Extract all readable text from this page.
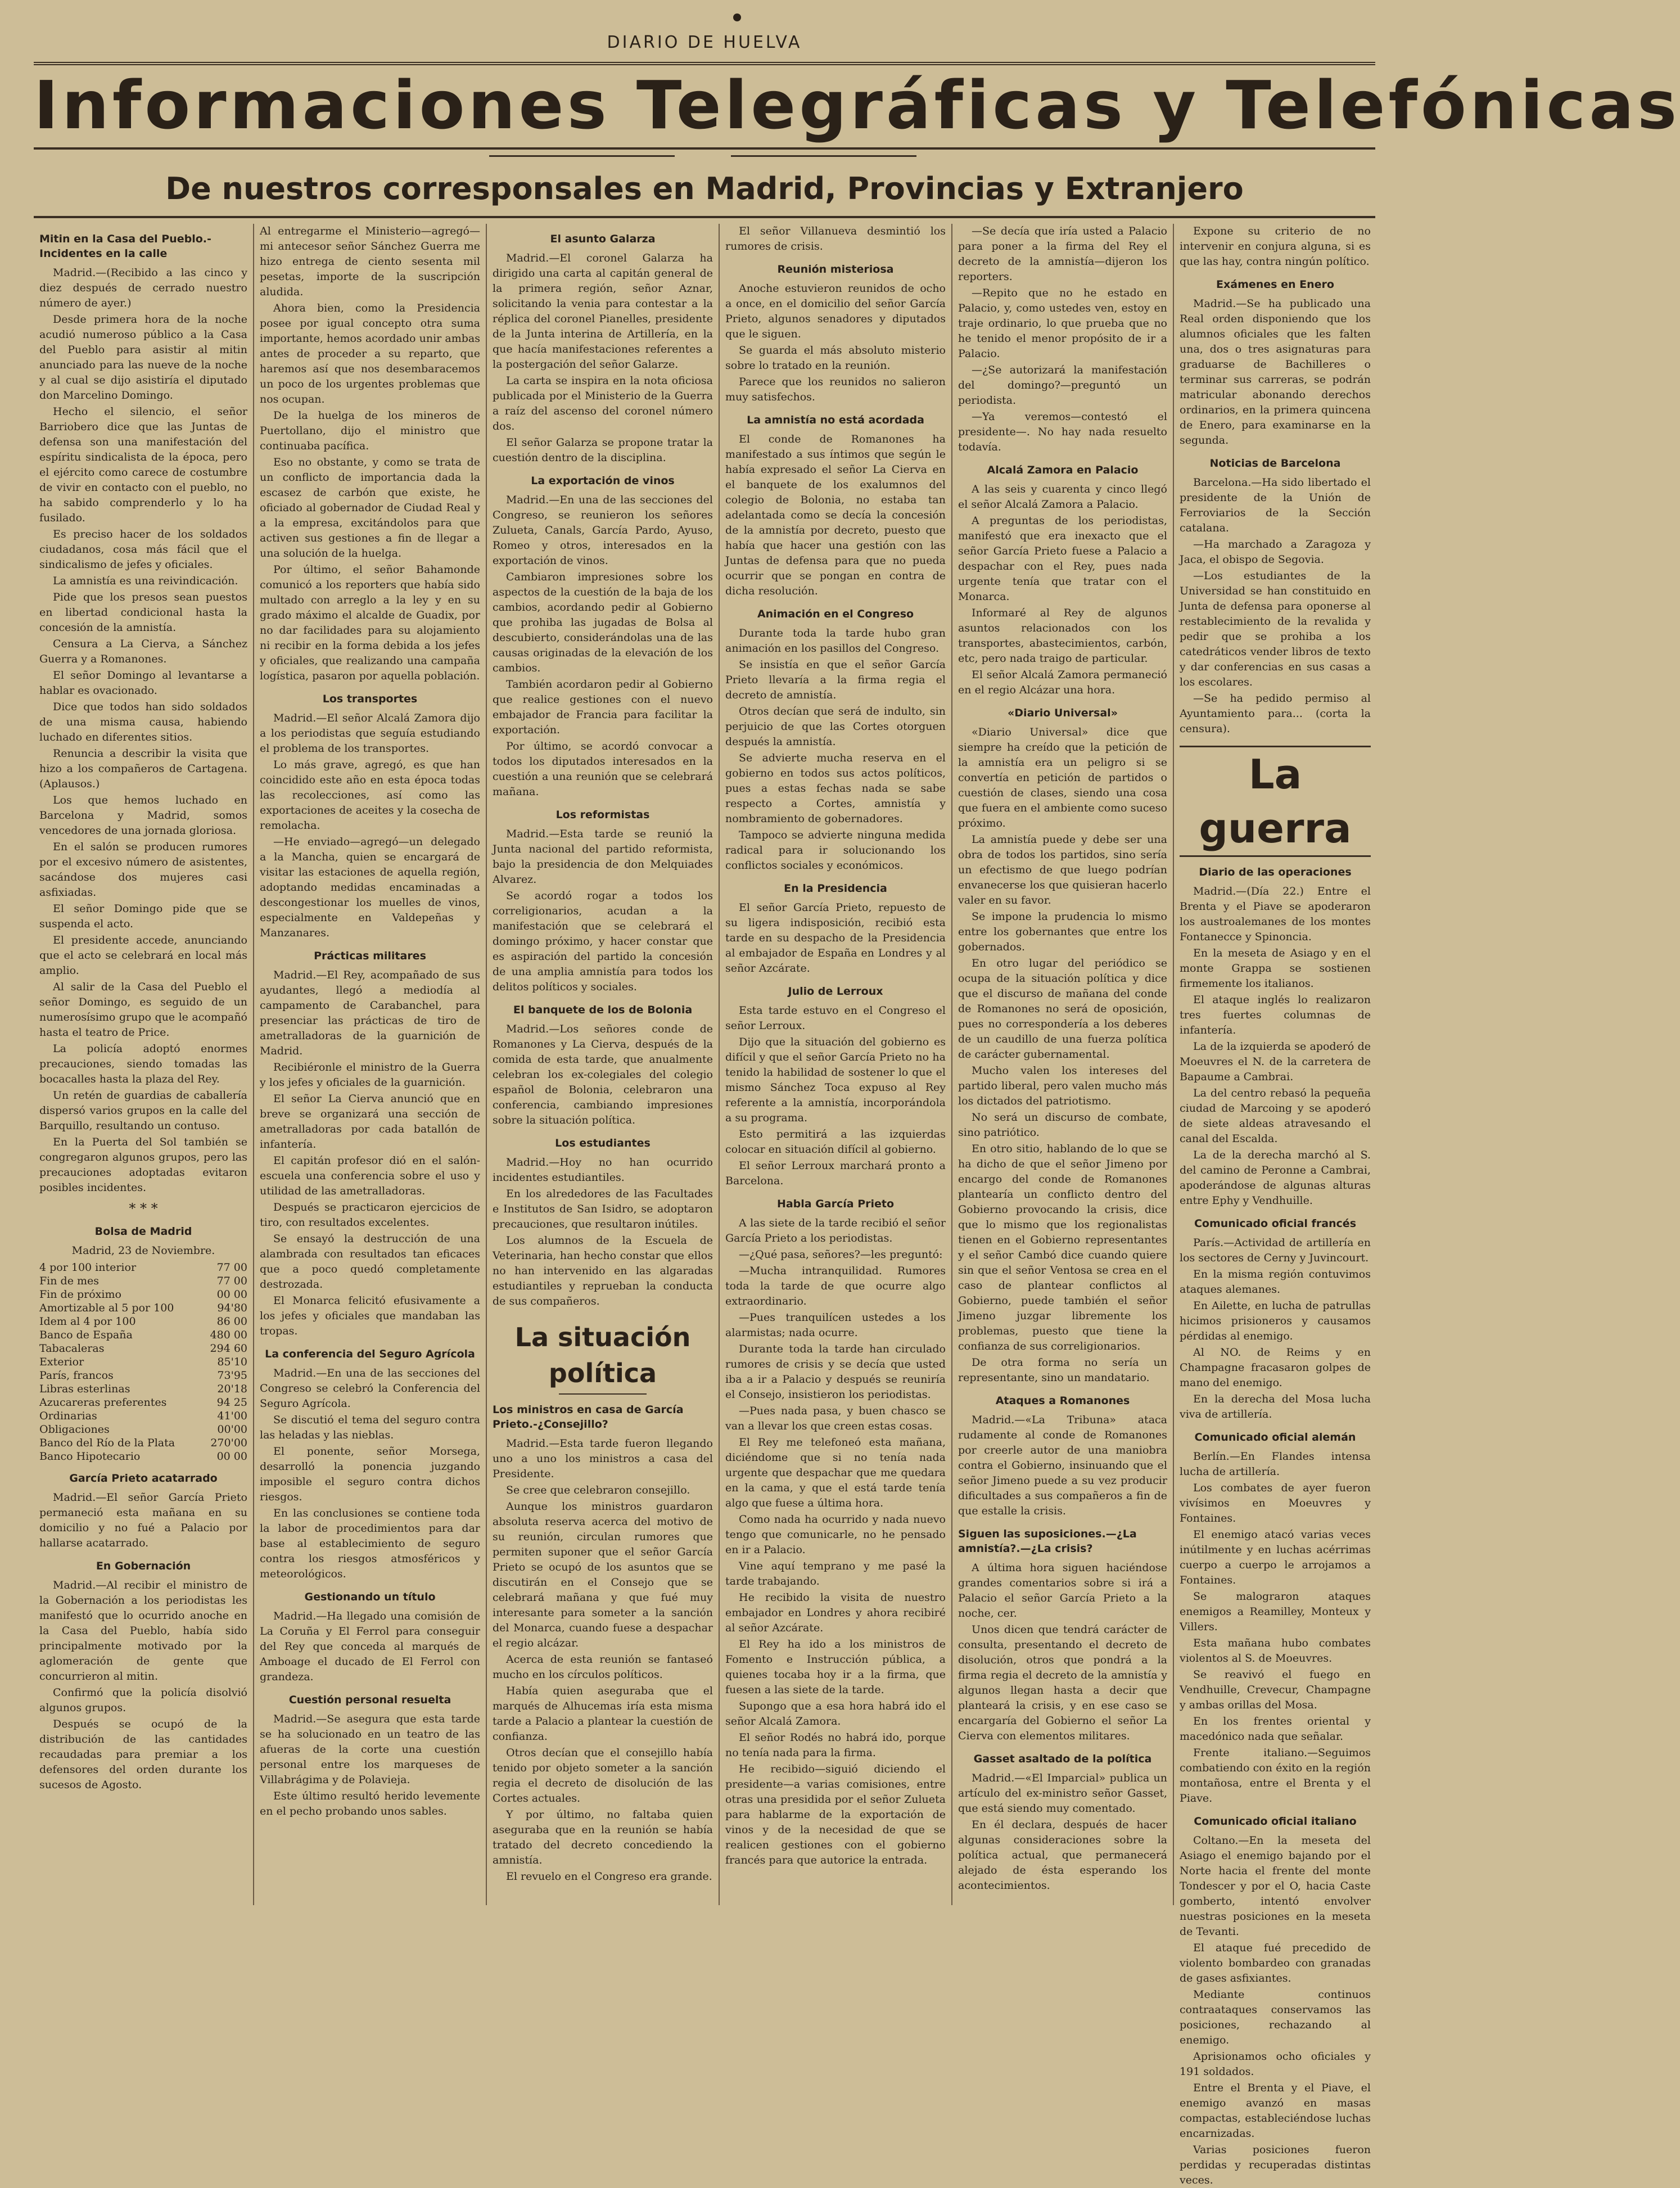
DIARIO DE HUELVA
Informaciones Telegráficas y Telefónicas
De nuestros corresponsales en Madrid, Provincias y Extranjero
Mitin en la Casa del Pueblo.-Incidentes en la calle

Madrid.—(Recibido a las cinco y diez después de cerrado nuestro número de ayer.)

Desde primera hora de la noche acudió numeroso público a la Casa del Pueblo para asistir al mitin anunciado para las nueve de la noche y al cual se dijo asistiría el diputado don Marcelino Domingo.

Hecho el silencio, el señor Barriobero dice que las Juntas de defensa son una manifestación del espíritu sindicalista de la época, pero el ejército como carece de costumbre de vivir en contacto con el pueblo, no ha sabido comprenderlo y lo ha fusilado.

Es preciso hacer de los soldados ciudadanos, cosa más fácil que el sindicalismo de jefes y oficiales.

La amnistía es una reivindicación.

Pide que los presos sean puestos en libertad condicional hasta la concesión de la amnistía.

Censura a La Cierva, a Sánchez Guerra y a Romanones.

El señor Domingo al levantarse a hablar es ovacionado.

Dice que todos han sido soldados de una misma causa, habiendo luchado en diferentes sitios.

Renuncia a describir la visita que hizo a los compañeros de Cartagena. (Aplausos.)

Los que hemos luchado en Barcelona y Madrid, somos vencedores de una jornada gloriosa.

En el salón se producen rumores por el excesivo número de asistentes, sacándose dos mujeres casi asfixiadas.

El señor Domingo pide que se suspenda el acto.

El presidente accede, anunciando que el acto se celebrará en local más amplio.

Al salir de la Casa del Pueblo el señor Domingo, es seguido de un numerosísimo grupo que le acompañó hasta el teatro de Price.

La policía adoptó enormes precauciones, siendo tomadas las bocacalles hasta la plaza del Rey.

Un retén de guardias de caballería dispersó varios grupos en la calle del Barquillo, resultando un contuso.

En la Puerta del Sol también se congregaron algunos grupos, pero las precauciones adoptadas evitaron posibles incidentes.

* * *
Bolsa de Madrid

Madrid, 23 de Noviembre.

4 por 100 interior	77 00
Fin de mes	77 00
Fin de próximo	00 00
Amortizable al 5 por 100	94'80
Idem al 4 por 100	86 00
Banco de España	480 00
Tabacaleras	294 60
Exterior	85'10
París, francos	73'95
Libras esterlinas	20'18
Azucareras preferentes	94 25
Ordinarias	41'00
Obligaciones	00'00
Banco del Río de la Plata	270'00
Banco Hipotecario	00 00
García Prieto acatarrado

Madrid.—El señor García Prieto permaneció esta mañana en su domicilio y no fué a Palacio por hallarse acatarrado.

En Gobernación

Madrid.—Al recibir el ministro de la Gobernación a los periodistas les manifestó que lo ocurrido anoche en la Casa del Pueblo, había sido principalmente motivado por la aglomeración de gente que concurrieron al mitin.

Confirmó que la policía disolvió algunos grupos.

Después se ocupó de la distribución de las cantidades recaudadas para premiar a los defensores del orden durante los sucesos de Agosto.

Al entregarme el Ministerio—agregó—mi antecesor señor Sánchez Guerra me hizo entrega de ciento sesenta mil pesetas, importe de la suscripción aludida.

Ahora bien, como la Presidencia posee por igual concepto otra suma importante, hemos acordado unir ambas antes de proceder a su reparto, que haremos así que nos desembaracemos un poco de los urgentes problemas que nos ocupan.

De la huelga de los mineros de Puertollano, dijo el ministro que continuaba pacífica.

Eso no obstante, y como se trata de un conflicto de importancia dada la escasez de carbón que existe, he oficiado al gobernador de Ciudad Real y a la empresa, excitándolos para que activen sus gestiones a fin de llegar a una solución de la huelga.

Por último, el señor Bahamonde comunicó a los reporters que había sido multado con arreglo a la ley y en su grado máximo el alcalde de Guadix, por no dar facilidades para su alojamiento ni recibir en la forma debida a los jefes y oficiales, que realizando una campaña logística, pasaron por aquella población.

Los transportes

Madrid.—El señor Alcalá Zamora dijo a los periodistas que seguía estudiando el problema de los transportes.

Lo más grave, agregó, es que han coincidido este año en esta época todas las recolecciones, así como las exportaciones de aceites y la cosecha de remolacha.

—He enviado—agregó—un delegado a la Mancha, quien se encargará de visitar las estaciones de aquella región, adoptando medidas encaminadas a descongestionar los muelles de vinos, especialmente en Valdepeñas y Manzanares.

Prácticas militares

Madrid.—El Rey, acompañado de sus ayudantes, llegó a mediodía al campamento de Carabanchel, para presenciar las prácticas de tiro de ametralladoras de la guarnición de Madrid.

Recibiéronle el ministro de la Guerra y los jefes y oficiales de la guarnición.

El señor La Cierva anunció que en breve se organizará una sección de ametralladoras por cada batallón de infantería.

El capitán profesor dió en el salón-escuela una conferencia sobre el uso y utilidad de las ametralladoras.

Después se practicaron ejercicios de tiro, con resultados excelentes.

Se ensayó la destrucción de una alambrada con resultados tan eficaces que a poco quedó completamente destrozada.

El Monarca felicitó efusivamente a los jefes y oficiales que mandaban las tropas.

La conferencia del Seguro Agrícola

Madrid.—En una de las secciones del Congreso se celebró la Conferencia del Seguro Agrícola.

Se discutió el tema del seguro contra las heladas y las nieblas.

El ponente, señor Morsega, desarrolló la ponencia juzgando imposible el seguro contra dichos riesgos.

En las conclusiones se contiene toda la labor de procedimientos para dar base al establecimiento de seguro contra los riesgos atmosféricos y meteorológicos.

Gestionando un título

Madrid.—Ha llegado una comisión de La Coruña y El Ferrol para conseguir del Rey que conceda al marqués de Amboage el ducado de El Ferrol con grandeza.

Cuestión personal resuelta

Madrid.—Se asegura que esta tarde se ha solucionado en un teatro de las afueras de la corte una cuestión personal entre los marqueses de Villabrágima y de Polavieja.

Este último resultó herido levemente en el pecho probando unos sables.

El asunto Galarza

Madrid.—El coronel Galarza ha dirigido una carta al capitán general de la primera región, señor Aznar, solicitando la venia para contestar a la réplica del coronel Pianelles, presidente de la Junta interina de Artillería, en la que hacía manifestaciones referentes a la postergación del señor Galarze.

La carta se inspira en la nota oficiosa publicada por el Ministerio de la Guerra a raíz del ascenso del coronel número dos.

El señor Galarza se propone tratar la cuestión dentro de la disciplina.

La exportación de vinos

Madrid.—En una de las secciones del Congreso, se reunieron los señores Zulueta, Canals, García Pardo, Ayuso, Romeo y otros, interesados en la exportación de vinos.

Cambiaron impresiones sobre los aspectos de la cuestión de la baja de los cambios, acordando pedir al Gobierno que prohiba las jugadas de Bolsa al descubierto, considerándolas una de las causas originadas de la elevación de los cambios.

También acordaron pedir al Gobierno que realice gestiones con el nuevo embajador de Francia para facilitar la exportación.

Por último, se acordó convocar a todos los diputados interesados en la cuestión a una reunión que se celebrará mañana.

Los reformistas

Madrid.—Esta tarde se reunió la Junta nacional del partido reformista, bajo la presidencia de don Melquiades Alvarez.

Se acordó rogar a todos los correligionarios, acudan a la manifestación que se celebrará el domingo próximo, y hacer constar que es aspiración del partido la concesión de una amplia amnistía para todos los delitos políticos y sociales.

El banquete de los de Bolonia

Madrid.—Los señores conde de Romanones y La Cierva, después de la comida de esta tarde, que anualmente celebran los ex-colegiales del colegio español de Bolonia, celebraron una conferencia, cambiando impresiones sobre la situación política.

Los estudiantes

Madrid.—Hoy no han ocurrido incidentes estudiantiles.

En los alrededores de las Facultades e Institutos de San Isidro, se adoptaron precauciones, que resultaron inútiles.

Los alumnos de la Escuela de Veterinaria, han hecho constar que ellos no han intervenido en las algaradas estudiantiles y reprueban la conducta de sus compañeros.

La situación política
Los ministros en casa de García Prieto.-¿Consejillo?

Madrid.—Esta tarde fueron llegando uno a uno los ministros a casa del Presidente.

Se cree que celebraron consejillo.

Aunque los ministros guardaron absoluta reserva acerca del motivo de su reunión, circulan rumores que permiten suponer que el señor García Prieto se ocupó de los asuntos que se discutirán en el Consejo que se celebrará mañana y que fué muy interesante para someter a la sanción del Monarca, cuando fuese a despachar el regio alcázar.

Acerca de esta reunión se fantaseó mucho en los círculos políticos.

Había quien aseguraba que el marqués de Alhucemas iría esta misma tarde a Palacio a plantear la cuestión de confianza.

Otros decían que el consejillo había tenido por objeto someter a la sanción regia el decreto de disolución de las Cortes actuales.

Y por último, no faltaba quien aseguraba que en la reunión se había tratado del decreto concediendo la amnistía.

El revuelo en el Congreso era grande.

El señor Villanueva desmintió los rumores de crisis.

Reunión misteriosa

Anoche estuvieron reunidos de ocho a once, en el domicilio del señor García Prieto, algunos senadores y diputados que le siguen.

Se guarda el más absoluto misterio sobre lo tratado en la reunión.

Parece que los reunidos no salieron muy satisfechos.

La amnistía no está acordada

El conde de Romanones ha manifestado a sus íntimos que según le había expresado el señor La Cierva en el banquete de los exalumnos del colegio de Bolonia, no estaba tan adelantada como se decía la concesión de la amnistía por decreto, puesto que había que hacer una gestión con las Juntas de defensa para que no pueda ocurrir que se pongan en contra de dicha resolución.

Animación en el Congreso

Durante toda la tarde hubo gran animación en los pasillos del Congreso.

Se insistía en que el señor García Prieto llevaría a la firma regia el decreto de amnistía.

Otros decían que será de indulto, sin perjuicio de que las Cortes otorguen después la amnistía.

Se advierte mucha reserva en el gobierno en todos sus actos políticos, pues a estas fechas nada se sabe respecto a Cortes, amnistía y nombramiento de gobernadores.

Tampoco se advierte ninguna medida radical para ir solucionando los conflictos sociales y económicos.

En la Presidencia

El señor García Prieto, repuesto de su ligera indisposición, recibió esta tarde en su despacho de la Presidencia al embajador de España en Londres y al señor Azcárate.

Julio de Lerroux

Esta tarde estuvo en el Congreso el señor Lerroux.

Dijo que la situación del gobierno es difícil y que el señor García Prieto no ha tenido la habilidad de sostener lo que el mismo Sánchez Toca expuso al Rey referente a la amnistía, incorporándola a su programa.

Esto permitirá a las izquierdas colocar en situación difícil al gobierno.

El señor Lerroux marchará pronto a Barcelona.

Habla García Prieto

A las siete de la tarde recibió el señor García Prieto a los periodistas.

—¿Qué pasa, señores?—les preguntó:

—Mucha intranquilidad. Rumores toda la tarde de que ocurre algo extraordinario.

—Pues tranquilícen ustedes a los alarmistas; nada ocurre.

Durante toda la tarde han circulado rumores de crisis y se decía que usted iba a ir a Palacio y después se reuniría el Consejo, insistieron los periodistas.

—Pues nada pasa, y buen chasco se van a llevar los que creen estas cosas.

El Rey me telefoneó esta mañana, diciéndome que si no tenía nada urgente que despachar que me quedara en la cama, y que el está tarde tenía algo que fuese a última hora.

Como nada ha ocurrido y nada nuevo tengo que comunicarle, no he pensado en ir a Palacio.

Vine aquí temprano y me pasé la tarde trabajando.

He recibido la visita de nuestro embajador en Londres y ahora recibiré al señor Azcárate.

El Rey ha ido a los ministros de Fomento e Instrucción pública, a quienes tocaba hoy ir a la firma, que fuesen a las siete de la tarde.

Supongo que a esa hora habrá ido el señor Alcalá Zamora.

El señor Rodés no habrá ido, porque no tenía nada para la firma.

He recibido—siguió diciendo el presidente—a varias comisiones, entre otras una presidida por el señor Zulueta para hablarme de la exportación de vinos y de la necesidad de que se realicen gestiones con el gobierno francés para que autorice la entrada.

—Se decía que iría usted a Palacio para poner a la firma del Rey el decreto de la amnistía—dijeron los reporters.

—Repito que no he estado en Palacio, y, como ustedes ven, estoy en traje ordinario, lo que prueba que no he tenido el menor propósito de ir a Palacio.

—¿Se autorizará la manifestación del domingo?—preguntó un periodista.

—Ya veremos—contestó el presidente—. No hay nada resuelto todavía.

Alcalá Zamora en Palacio

A las seis y cuarenta y cinco llegó el señor Alcalá Zamora a Palacio.

A preguntas de los periodistas, manifestó que era inexacto que el señor García Prieto fuese a Palacio a despachar con el Rey, pues nada urgente tenía que tratar con el Monarca.

Informaré al Rey de algunos asuntos relacionados con los transportes, abastecimientos, carbón, etc, pero nada traigo de particular.

El señor Alcalá Zamora permaneció en el regio Alcázar una hora.

«Diario Universal»

«Diario Universal» dice que siempre ha creído que la petición de la amnistía era un peligro si se convertía en petición de partidos o cuestión de clases, siendo una cosa que fuera en el ambiente como suceso próximo.

La amnistía puede y debe ser una obra de todos los partidos, sino sería un efectismo de que luego podrían envanecerse los que quisieran hacerlo valer en su favor.

Se impone la prudencia lo mismo entre los gobernantes que entre los gobernados.

En otro lugar del periódico se ocupa de la situación política y dice que el discurso de mañana del conde de Romanones no será de oposición, pues no correspondería a los deberes de un caudillo de una fuerza política de carácter gubernamental.

Mucho valen los intereses del partido liberal, pero valen mucho más los dictados del patriotismo.

No será un discurso de combate, sino patriótico.

En otro sitio, hablando de lo que se ha dicho de que el señor Jimeno por encargo del conde de Romanones plantearía un conflicto dentro del Gobierno provocando la crisis, dice que lo mismo que los regionalistas tienen en el Gobierno representantes y el señor Cambó dice cuando quiere sin que el señor Ventosa se crea en el caso de plantear conflictos al Gobierno, puede también el señor Jimeno juzgar libremente los problemas, puesto que tiene la confianza de sus correligionarios.

De otra forma no sería un representante, sino un mandatario.

Ataques a Romanones

Madrid.—«La Tribuna» ataca rudamente al conde de Romanones por creerle autor de una maniobra contra el Gobierno, insinuando que el señor Jimeno puede a su vez producir dificultades a sus compañeros a fin de que estalle la crisis.

Siguen las suposiciones.—¿La amnistía?.—¿La crisis?

A última hora siguen haciéndose grandes comentarios sobre si irá a Palacio el señor García Prieto a la noche, cer.

Unos dicen que tendrá carácter de consulta, presentando el decreto de disolución, otros que pondrá a la firma regia el decreto de la amnistía y algunos llegan hasta a decir que planteará la crisis, y en ese caso se encargaría del Gobierno el señor La Cierva con elementos militares.

Gasset asaltado de la política

Madrid.—«El Imparcial» publica un artículo del ex-ministro señor Gasset, que está siendo muy comentado.

En él declara, después de hacer algunas consideraciones sobre la política actual, que permanecerá alejado de ésta esperando los acontecimientos.

Expone su criterio de no intervenir en conjura alguna, si es que las hay, contra ningún político.

Exámenes en Enero

Madrid.—Se ha publicado una Real orden disponiendo que los alumnos oficiales que les falten una, dos o tres asignaturas para graduarse de Bachilleres o terminar sus carreras, se podrán matricular abonando derechos ordinarios, en la primera quincena de Enero, para examinarse en la segunda.

Noticias de Barcelona

Barcelona.—Ha sido libertado el presidente de la Unión de Ferroviarios de la Sección catalana.

—Ha marchado a Zaragoza y Jaca, el obispo de Segovia.

—Los estudiantes de la Universidad se han constituido en Junta de defensa para oponerse al restablecimiento de la revalida y pedir que se prohiba a los catedráticos vender libros de texto y dar conferencias en sus casas a los escolares.

—Se ha pedido permiso al Ayuntamiento para... (corta la censura).

La guerra
Diario de las operaciones

Madrid.—(Día 22.) Entre el Brenta y el Piave se apoderaron los austroalemanes de los montes Fontanecce y Spinoncia.

En la meseta de Asiago y en el monte Grappa se sostienen firmemente los italianos.

El ataque inglés lo realizaron tres fuertes columnas de infantería.

La de la izquierda se apoderó de Moeuvres el N. de la carretera de Bapaume a Cambrai.

La del centro rebasó la pequeña ciudad de Marcoing y se apoderó de siete aldeas atravesando el canal del Escalda.

La de la derecha marchó al S. del camino de Peronne a Cambrai, apoderándose de algunas alturas entre Ephy y Vendhuille.

Comunicado oficial francés

París.—Actividad de artillería en los sectores de Cerny y Juvincourt.

En la misma región contuvimos ataques alemanes.

En Ailette, en lucha de patrullas hicimos prisioneros y causamos pérdidas al enemigo.

Al NO. de Reims y en Champagne fracasaron golpes de mano del enemigo.

En la derecha del Mosa lucha viva de artillería.

Comunicado oficial alemán

Berlín.—En Flandes intensa lucha de artillería.

Los combates de ayer fueron vivísimos en Moeuvres y Fontaines.

El enemigo atacó varias veces inútilmente y en luchas acérrimas cuerpo a cuerpo le arrojamos a Fontaines.

Se malograron ataques enemigos a Reamilley, Monteux y Villers.

Esta mañana hubo combates violentos al S. de Moeuvres.

Se reavivó el fuego en Vendhuille, Crevecur, Champagne y ambas orillas del Mosa.

En los frentes oriental y macedónico nada que señalar.

Frente italiano.—Seguimos combatiendo con éxito en la región montañosa, entre el Brenta y el Piave.

Comunicado oficial italiano

Coltano.—En la meseta del Asiago el enemigo bajando por el Norte hacia el frente del monte Tondescer y por el O, hacia Caste gomberto, intentó envolver nuestras posiciones en la meseta de Tevanti.

El ataque fué precedido de violento bombardeo con granadas de gases asfixiantes.

Mediante continuos contraataques conservamos las posiciones, rechazando al enemigo.

Aprisionamos ocho oficiales y 191 soldados.

Entre el Brenta y el Piave, el enemigo avanzó en masas compactas, estableciéndose luchas encarnizadas.

Varias posiciones fueron perdidas y recuperadas distintas veces.
